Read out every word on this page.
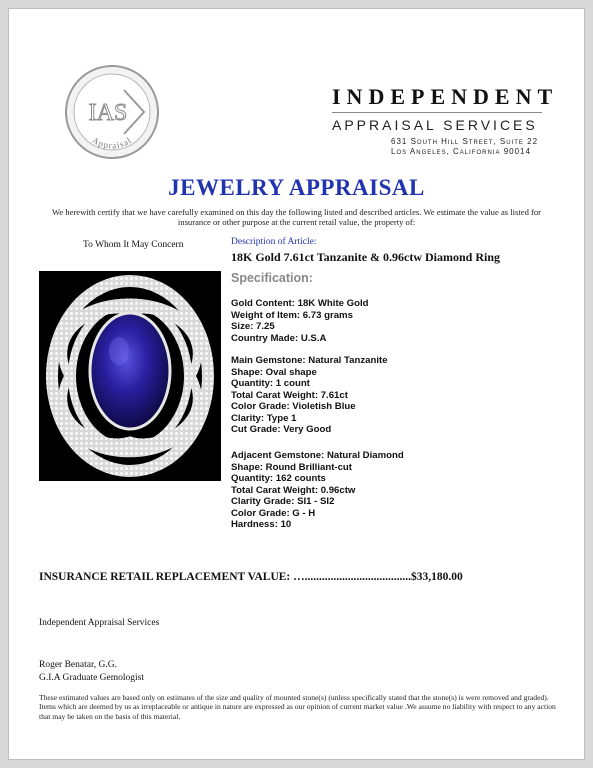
IAS
Appraisal
INDEPENDENT
APPRAISAL SERVICES
631 South Hill Street, Suite 22
Los Angeles, California 90014
JEWELRY APPRAISAL
We herewith certify that we have carefully examined on this day the following listed and described articles. We estimate the value as listed for insurance or other purpose at the current retail value, the property of:
To Whom It May Concern	Description of Article:
18K Gold 7.61ct Tanzanite & 0.96ctw Diamond Ring
Specification:
Gold Content: 18K White Gold
Weight of Item: 6.73 grams
Size: 7.25
Country Made: U.S.A
Main Gemstone: Natural Tanzanite
Shape: Oval shape
Quantity: 1 count
Total Carat Weight: 7.61ct
Color Grade: Violetish Blue
Clarity: Type 1
Cut Grade: Very Good
Adjacent Gemstone: Natural Diamond
Shape: Round Brilliant-cut
Quantity: 162 counts
Total Carat Weight: 0.96ctw
Clarity Grade: SI1 - SI2
Color Grade: G - H
Hardness: 10
INSURANCE RETAIL REPLACEMENT VALUE: ….....................................$33,180.00
Independent Appraisal Services
Roger Benatar, G.G.
G.I.A Graduate Gemologist
These estimated values are based only on estimates of the size and quality of mounted stone(s) (unless specifically stated that the stone(s) is were removed and graded). Items which are deemed by us as irreplaceable or antique in nature are expressed as our opinion of current market value .We assume no liability with respect to any action that may be taken on the basis of this material.
